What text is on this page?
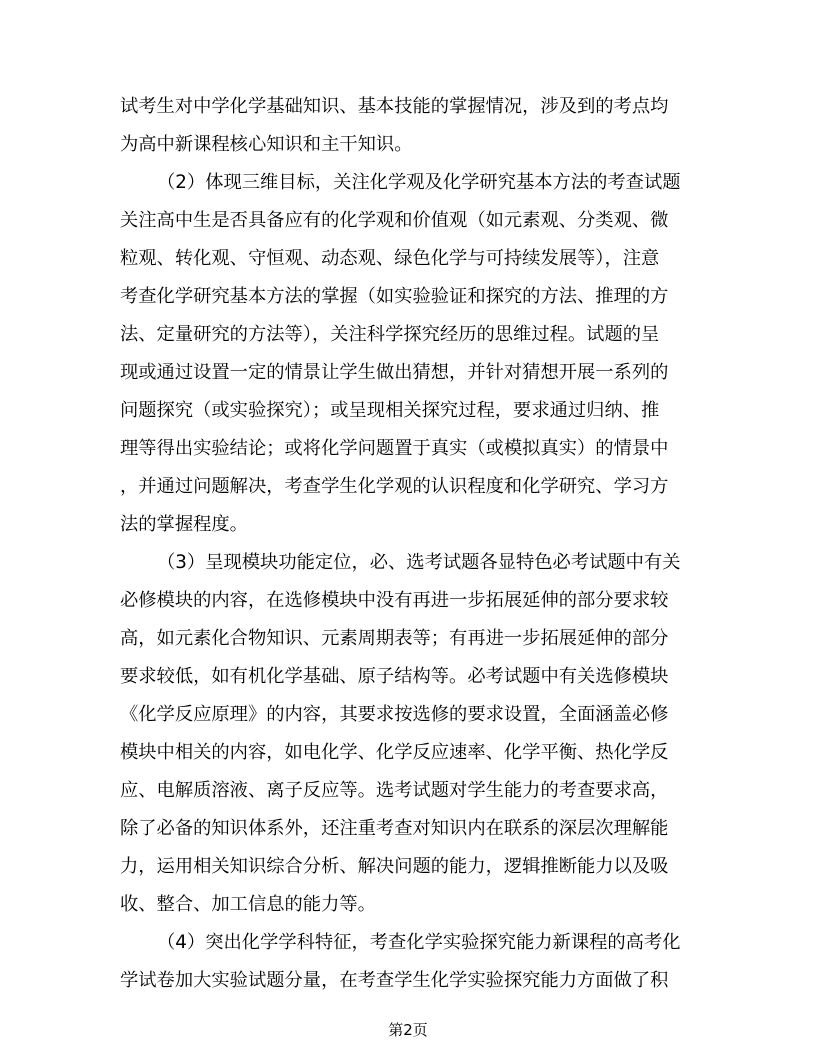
试考生对中学化学基础知识、基本技能的掌握情况，涉及到的考点均
为高中新课程核心知识和主干知识。
（2）体现三维目标，关注化学观及化学研究基本方法的考查试题
关注高中生是否具备应有的化学观和价值观（如元素观、分类观、微
粒观、转化观、守恒观、动态观、绿色化学与可持续发展等），注意
考查化学研究基本方法的掌握（如实验验证和探究的方法、推理的方
法、定量研究的方法等），关注科学探究经历的思维过程。试题的呈
现或通过设置一定的情景让学生做出猜想，并针对猜想开展一系列的
问题探究（或实验探究）；或呈现相关探究过程，要求通过归纳、推
理等得出实验结论；或将化学问题置于真实（或模拟真实）的情景中
，并通过问题解决，考查学生化学观的认识程度和化学研究、学习方
法的掌握程度。
（3）呈现模块功能定位，必、选考试题各显特色必考试题中有关
必修模块的内容，在选修模块中没有再进一步拓展延伸的部分要求较
高，如元素化合物知识、元素周期表等；有再进一步拓展延伸的部分
要求较低，如有机化学基础、原子结构等。必考试题中有关选修模块
《化学反应原理》的内容，其要求按选修的要求设置，全面涵盖必修
模块中相关的内容，如电化学、化学反应速率、化学平衡、热化学反
应、电解质溶液、离子反应等。选考试题对学生能力的考查要求高，
除了必备的知识体系外，还注重考查对知识内在联系的深层次理解能
力，运用相关知识综合分析、解决问题的能力，逻辑推断能力以及吸
收、整合、加工信息的能力等。
（4）突出化学学科特征，考查化学实验探究能力新课程的高考化
学试卷加大实验试题分量，在考查学生化学实验探究能力方面做了积
第2页
